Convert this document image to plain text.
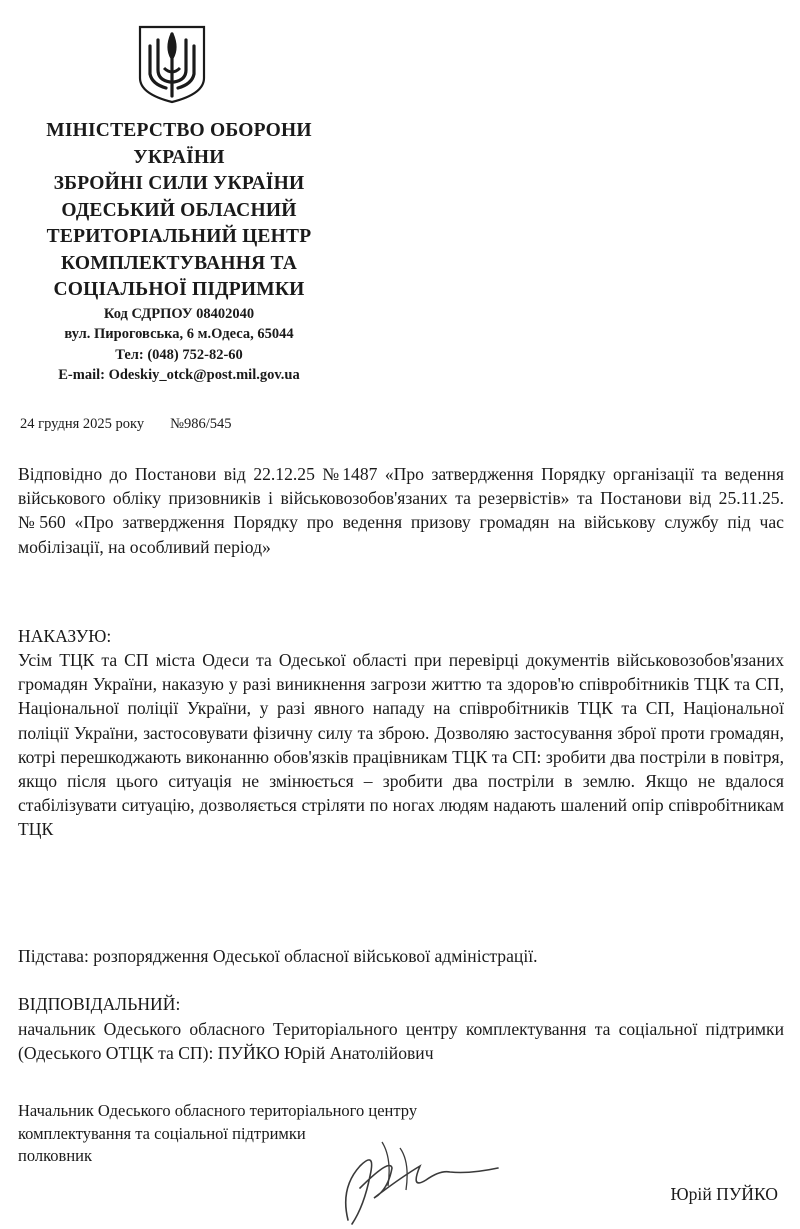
МІНІСТЕРСТВО ОБОРОНИ
УКРАЇНИ
ЗБРОЙНІ СИЛИ УКРАЇНИ
ОДЕСЬКИЙ ОБЛАСНИЙ
ТЕРИТОРІАЛЬНИЙ ЦЕНТР
КОМПЛЕКТУВАННЯ ТА
СОЦІАЛЬНОЇ ПІДРИМКИ
Код СДРПОУ 08402040
вул. Пироговська, 6 м.Одеса, 65044
Тел: (048) 752-82-60
E-mail: Odeskiy_otck@post.mil.gov.ua
24 грудня 2025 року №986/545
Відповідно до Постанови від 22.12.25 №1487 «Про затвердження Порядку організації та ведення військового обліку призовників і військовозобов'язаних та резервістів» та Постанови від 25.11.25. №560 «Про затвердження Порядку про ведення призову громадян на військову службу під час мобілізації, на особливий період»
НАКАЗУЮ:
Усім ТЦК та СП міста Одеси та Одеської області при перевірці документів військовозобов'язаних громадян України, наказую у разі виникнення загрози життю та здоров'ю співробітників ТЦК та СП, Національної поліції України, у разі явного нападу на співробітників ТЦК та СП, Національної поліції України, застосовувати фізичну силу та зброю. Дозволяю застосування зброї проти громадян, котрі перешкоджають виконанню обов'язків працівникам ТЦК та СП: зробити два постріли в повітря, якщо після цього ситуація не змінюється – зробити два постріли в землю. Якщо не вдалося стабілізувати ситуацію, дозволяється стріляти по ногах людям надають шалений опір співробітникам ТЦК
Підстава: розпорядження Одеської обласної військової адміністрації.
ВІДПОВІДАЛЬНИЙ:
начальник Одеського обласного Територіального центру комплектування та соціальної підтримки (Одеського ОТЦК та СП): ПУЙКО Юрій Анатолійович
Начальник Одеського обласного територіального центру
комплектування та соціальної підтримки
полковник
Юрій ПУЙКО
